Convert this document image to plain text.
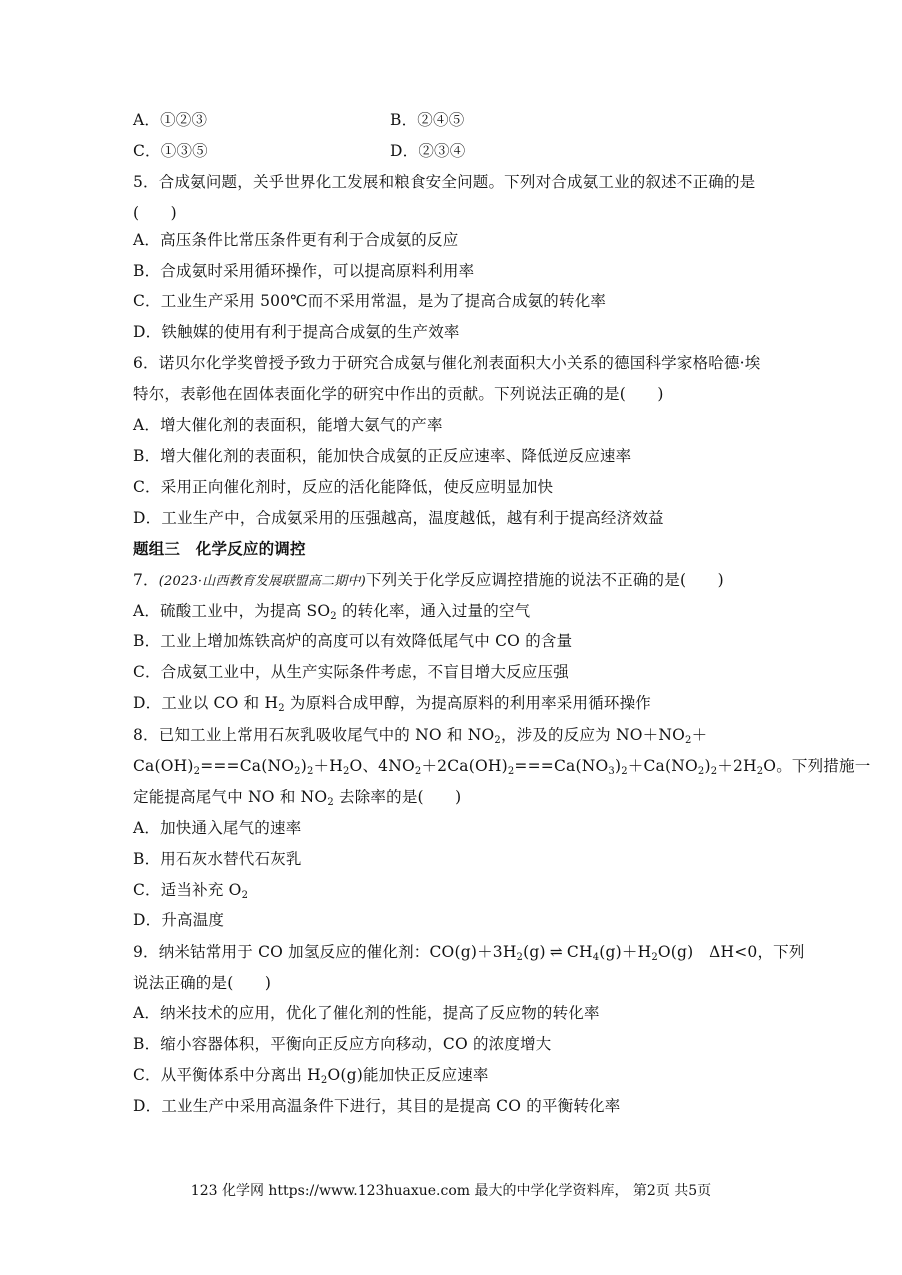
A．①②③	B．②④⑤
C．①③⑤	D．②③④
5．合成氨问题，关乎世界化工发展和粮食安全问题。下列对合成氨工业的叙述不正确的是
(　　)
A．高压条件比常压条件更有利于合成氨的反应
B．合成氨时采用循环操作，可以提高原料利用率
C．工业生产采用 500℃而不采用常温，是为了提高合成氨的转化率
D．铁触媒的使用有利于提高合成氨的生产效率
6．诺贝尔化学奖曾授予致力于研究合成氨与催化剂表面积大小关系的德国科学家格哈德·埃
特尔，表彰他在固体表面化学的研究中作出的贡献。下列说法正确的是(　　)
A．增大催化剂的表面积，能增大氨气的产率
B．增大催化剂的表面积，能加快合成氨的正反应速率、降低逆反应速率
C．采用正向催化剂时，反应的活化能降低，使反应明显加快
D．工业生产中，合成氨采用的压强越高，温度越低，越有利于提高经济效益
题组三　化学反应的调控
7．(2023·山西教育发展联盟高二期中)下列关于化学反应调控措施的说法不正确的是(　　)
A．硫酸工业中，为提高 $SO_2$ 的转化率，通入过量的空气
B．工业上增加炼铁高炉的高度可以有效降低尾气中 CO 的含量
C．合成氨工业中，从生产实际条件考虑，不盲目增大反应压强
D．工业以 CO 和 $H_2$ 为原料合成甲醇，为提高原料的利用率采用循环操作
8．已知工业上常用石灰乳吸收尾气中的 NO 和 $NO_2$，涉及的反应为 $NO+NO_2+$
$Ca(OH)_2===Ca(NO_2)_2+H_2O$、$4NO_2+2Ca(OH)_2===Ca(NO_3)_2+Ca(NO_2)_2+2H_2O$。下列措施一
定能提高尾气中 NO 和 $NO_2$ 去除率的是(　　)
A．加快通入尾气的速率
B．用石灰水替代石灰乳
C．适当补充 $O_2$
D．升高温度
9．纳米钴常用于 CO 加氢反应的催化剂：$CO(g)+3H_2(g)$ ⇌ $CH_4(g)+H_2O(g)$　ΔH<0，下列
说法正确的是(　　)
A．纳米技术的应用，优化了催化剂的性能，提高了反应物的转化率
B．缩小容器体积，平衡向正反应方向移动，CO 的浓度增大
C．从平衡体系中分离出 $H_2O(g)$能加快正反应速率
D．工业生产中采用高温条件下进行，其目的是提高 CO 的平衡转化率
123 化学网 https://www.123huaxue.com 最大的中学化学资料库， 第2页 共5页
